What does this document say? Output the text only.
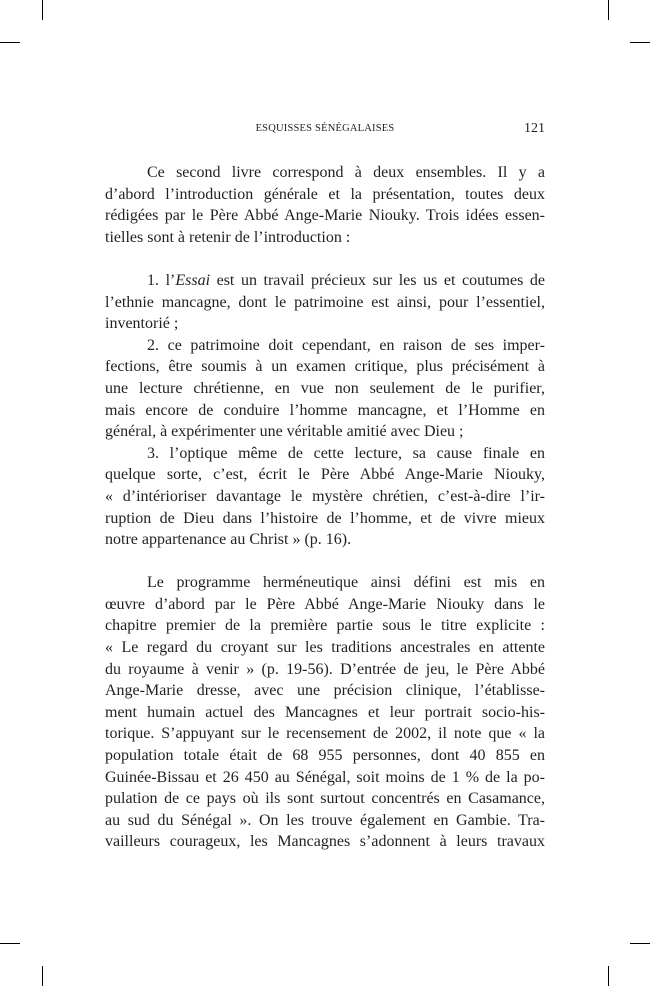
ESQUISSES SÉNÉGALAISES	121
Ce second livre correspond à deux ensembles. Il y a
d’abord l’introduction générale et la présentation, toutes deux
rédigées par le Père Abbé Ange-Marie Niouky. Trois idées essen-
tielles sont à retenir de l’introduction :
1. l’Essai est un travail précieux sur les us et coutumes de
l’ethnie mancagne, dont le patrimoine est ainsi, pour l’essentiel,
inventorié ;
2. ce patrimoine doit cependant, en raison de ses imper-
fections, être soumis à un examen critique, plus précisément à
une lecture chrétienne, en vue non seulement de le purifier,
mais encore de conduire l’homme mancagne, et l’Homme en
général, à expérimenter une véritable amitié avec Dieu ;
3. l’optique même de cette lecture, sa cause finale en
quelque sorte, c’est, écrit le Père Abbé Ange-Marie Niouky,
« d’intérioriser davantage le mystère chrétien, c’est-à-dire l’ir-
ruption de Dieu dans l’histoire de l’homme, et de vivre mieux
notre appartenance au Christ » (p. 16).
Le programme herméneutique ainsi défini est mis en
œuvre d’abord par le Père Abbé Ange-Marie Niouky dans le
chapitre premier de la première partie sous le titre explicite :
« Le regard du croyant sur les traditions ancestrales en attente
du royaume à venir » (p. 19-56). D’entrée de jeu, le Père Abbé
Ange-Marie dresse, avec une précision clinique, l’établisse-
ment humain actuel des Mancagnes et leur portrait socio-his-
torique. S’appuyant sur le recensement de 2002, il note que « la
population totale était de 68 955 personnes, dont 40 855 en
Guinée-Bissau et 26 450 au Sénégal, soit moins de 1 % de la po-
pulation de ce pays où ils sont surtout concentrés en Casamance,
au sud du Sénégal ». On les trouve également en Gambie. Tra-
vailleurs courageux, les Mancagnes s’adonnent à leurs travaux
